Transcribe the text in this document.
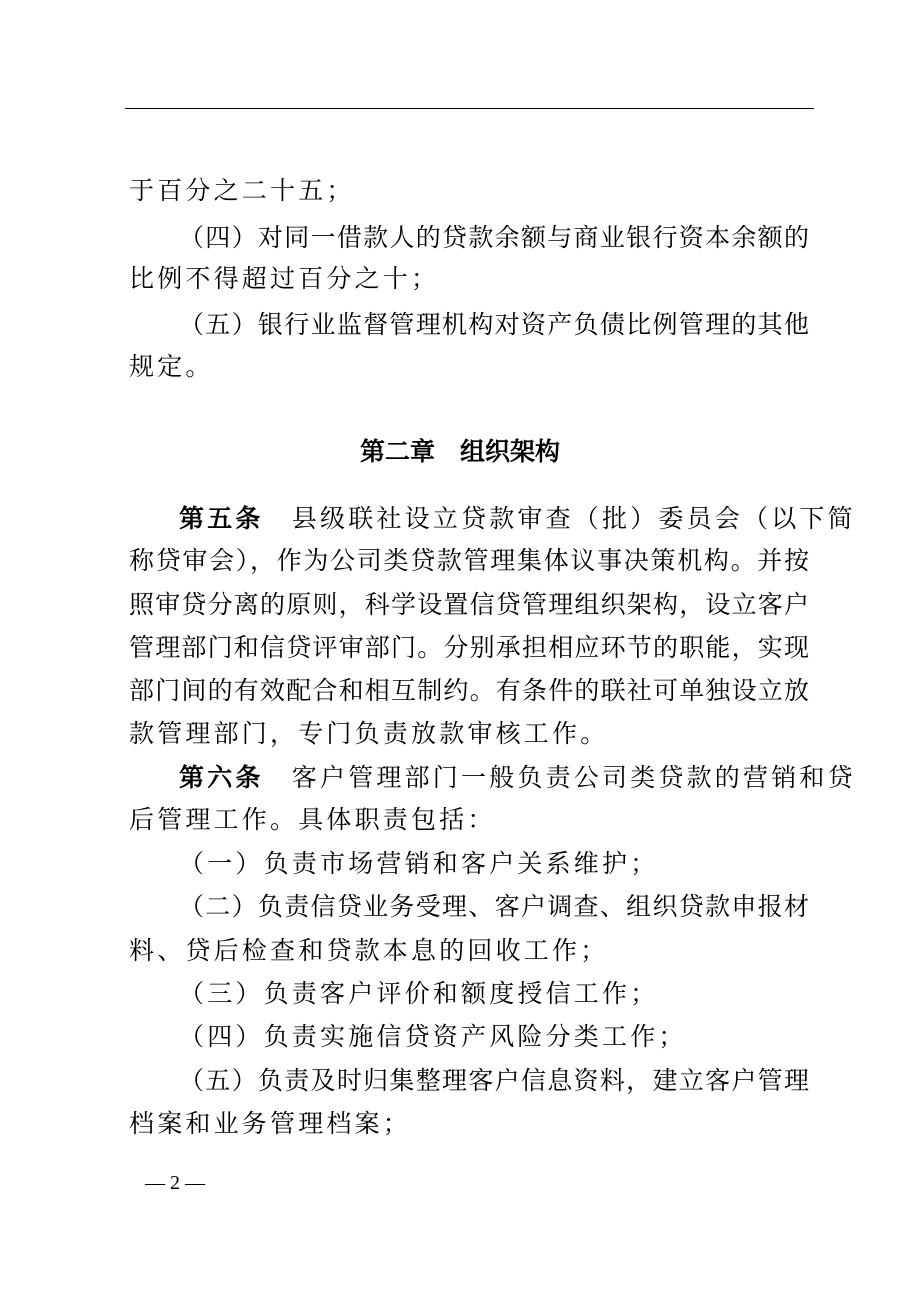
于百分之二十五；
（四）对同一借款人的贷款余额与商业银行资本余额的
比例不得超过百分之十；
（五）银行业监督管理机构对资产负债比例管理的其他
规定。
第二章　组织架构
第五条　县级联社设立贷款审查（批）委员会（以下简
称贷审会），作为公司类贷款管理集体议事决策机构。并按
照审贷分离的原则，科学设置信贷管理组织架构，设立客户
管理部门和信贷评审部门。分别承担相应环节的职能，实现
部门间的有效配合和相互制约。有条件的联社可单独设立放
款管理部门，专门负责放款审核工作。
第六条　客户管理部门一般负责公司类贷款的营销和贷
后管理工作。具体职责包括：
（一）负责市场营销和客户关系维护；
（二）负责信贷业务受理、客户调查、组织贷款申报材
料、贷后检查和贷款本息的回收工作；
（三）负责客户评价和额度授信工作；
（四）负责实施信贷资产风险分类工作；
（五）负责及时归集整理客户信息资料，建立客户管理
档案和业务管理档案；
— 2 —
